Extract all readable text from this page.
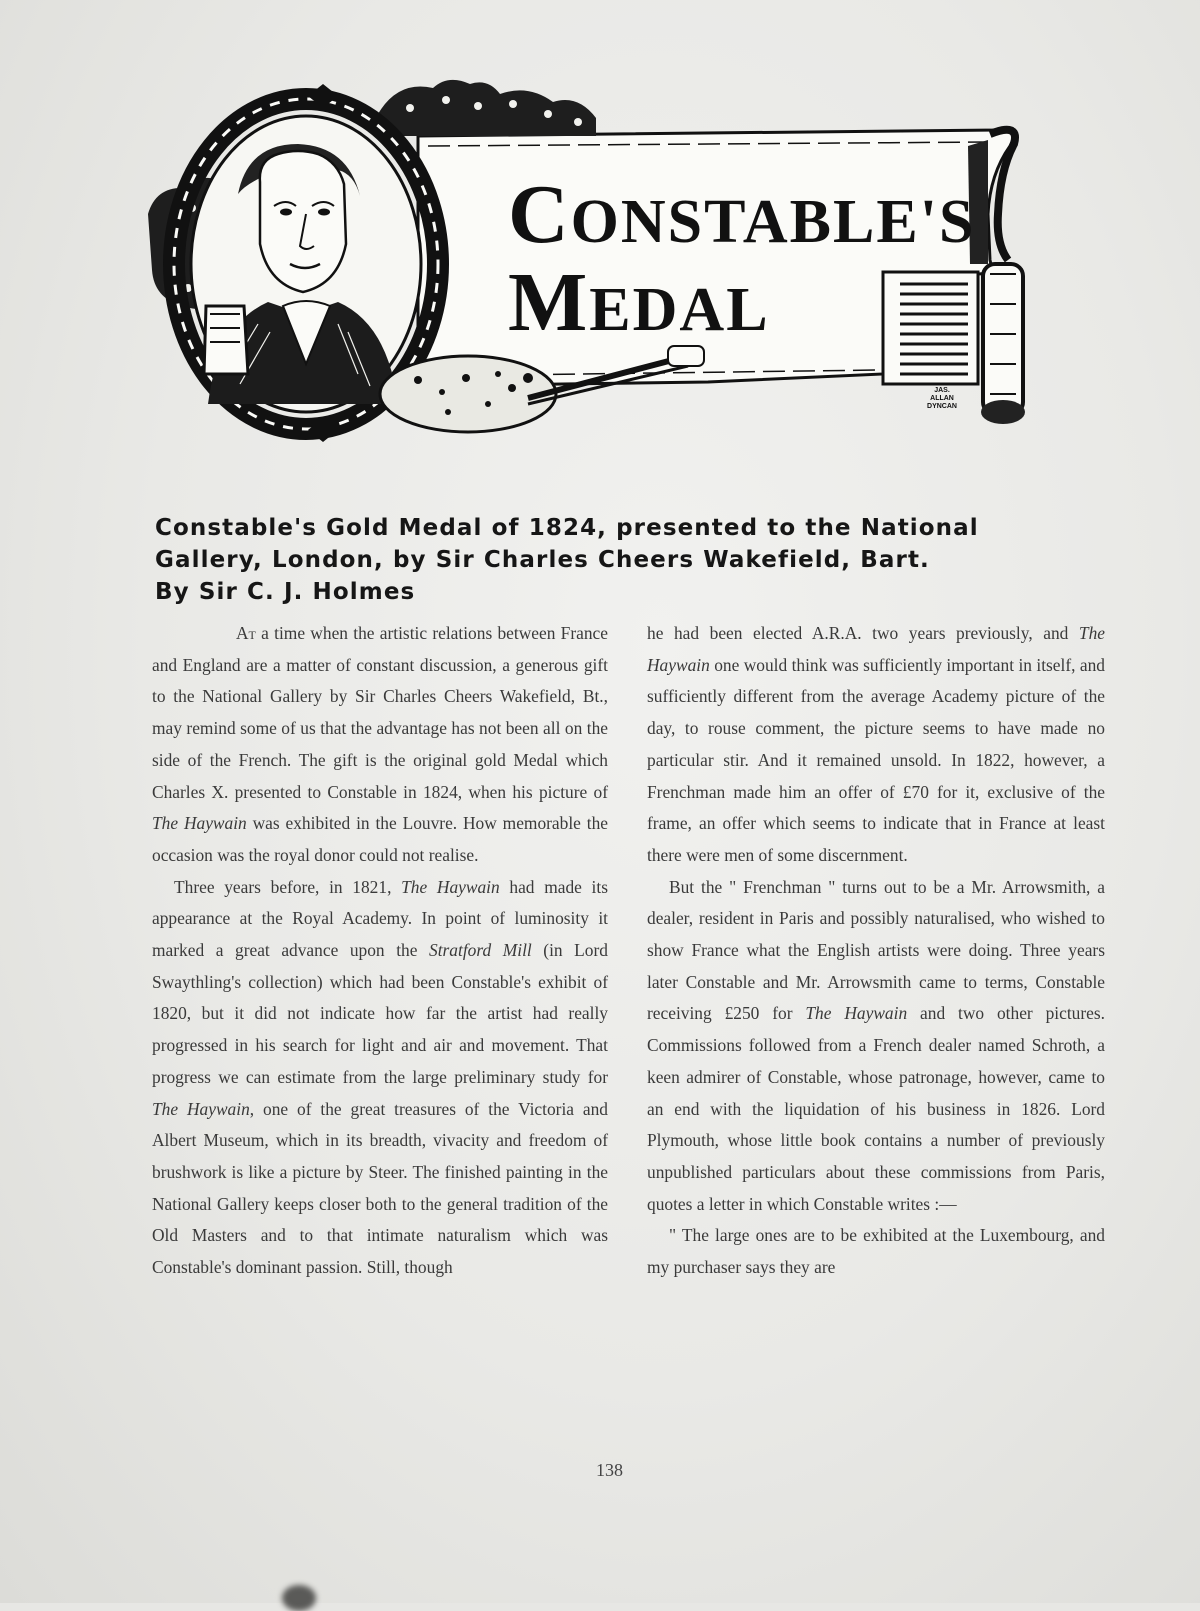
CONSTABLE'S
MEDAL
JAS.
ALLAN
DYNCAN
Constable's Gold Medal of 1824, presented to the National
Gallery, London, by Sir Charles Cheers Wakefield, Bart.
By Sir C. J. Holmes

At a time when the artistic relations between France and England are a matter of constant discussion, a generous gift to the National Gallery by Sir Charles Cheers Wakefield, Bt., may remind some of us that the advantage has not been all on the side of the French. The gift is the original gold Medal which Charles X. presented to Constable in 1824, when his picture of The Haywain was exhibited in the Louvre. How memorable the occasion was the royal donor could not realise.

Three years before, in 1821, The Haywain had made its appearance at the Royal Academy. In point of luminosity it marked a great advance upon the Stratford Mill (in Lord Swaythling's collection) which had been Constable's exhibit of 1820, but it did not indicate how far the artist had really progressed in his search for light and air and movement. That progress we can estimate from the large preliminary study for The Haywain, one of the great treasures of the Victoria and Albert Museum, which in its breadth, vivacity and freedom of brushwork is like a picture by Steer. The finished painting in the National Gallery keeps closer both to the general tradition of the Old Masters and to that intimate naturalism which was Constable's dominant passion. Still, though

he had been elected A.R.A. two years previously, and The Haywain one would think was sufficiently important in itself, and sufficiently different from the average Academy picture of the day, to rouse comment, the picture seems to have made no particular stir. And it remained unsold. In 1822, however, a Frenchman made him an offer of £70 for it, exclusive of the frame, an offer which seems to indicate that in France at least there were men of some discernment.

But the " Frenchman " turns out to be a Mr. Arrowsmith, a dealer, resident in Paris and possibly naturalised, who wished to show France what the English artists were doing. Three years later Constable and Mr. Arrowsmith came to terms, Constable receiving £250 for The Haywain and two other pictures. Commissions followed from a French dealer named Schroth, a keen admirer of Constable, whose patronage, however, came to an end with the liquidation of his business in 1826. Lord Plymouth, whose little book contains a number of previously unpublished particulars about these commissions from Paris, quotes a letter in which Constable writes :—

" The large ones are to be exhibited at the Luxembourg, and my purchaser says they are

138
